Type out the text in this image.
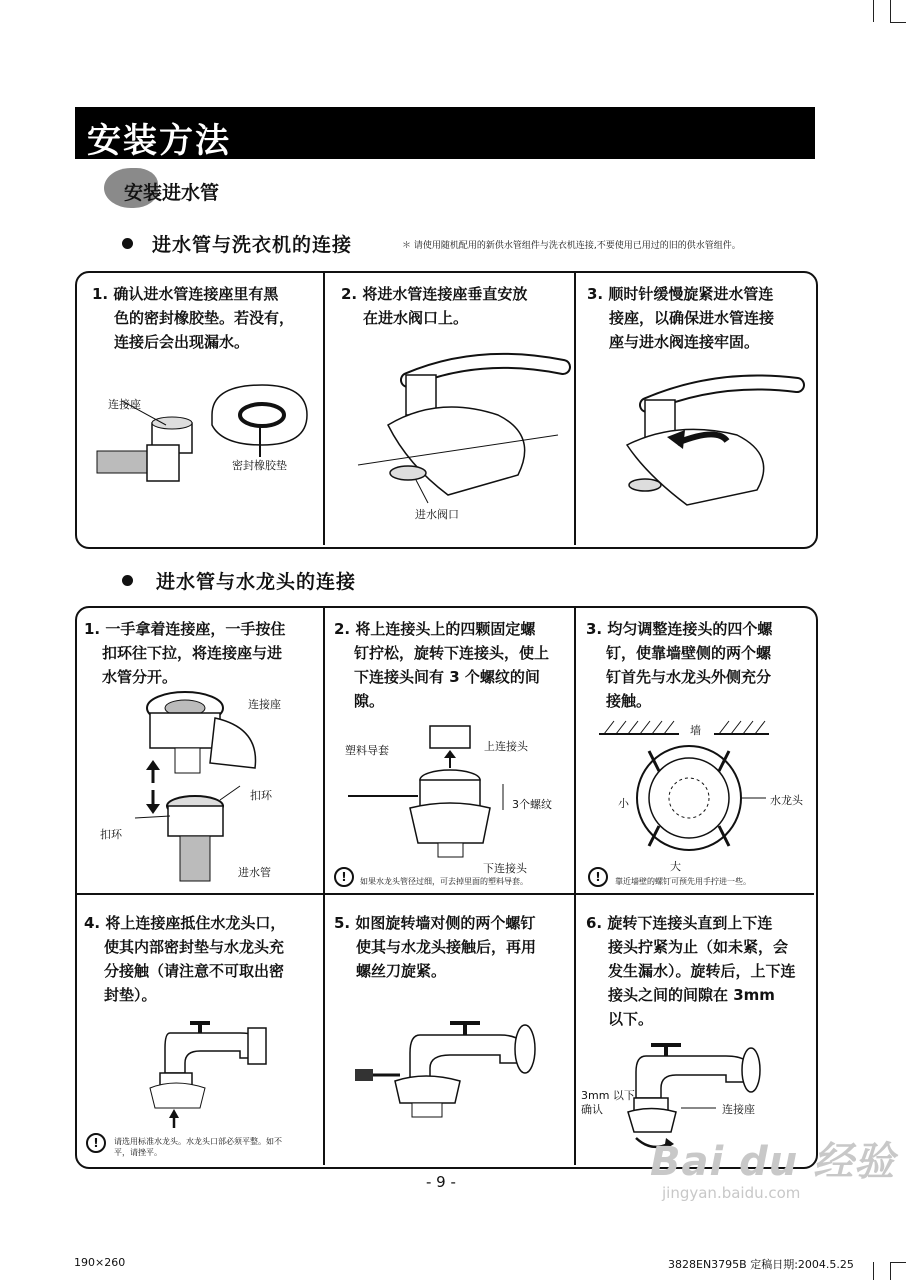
安装方法
安装进水管
进水管与洗衣机的连接	＊ 请使用随机配用的新供水管组件与洗衣机连接,不要使用已用过的旧的供水管组件。
1. 确认进水管连接座里有黑
色的密封橡胶垫。若没有，
连接后会出现漏水。
2. 将进水管连接座垂直安放
在进水阀口上。
3. 顺时针缓慢旋紧进水管连
接座，以确保进水管连接
座与进水阀连接牢固。
连接座
密封橡胶垫
进水阀口
进水管与水龙头的连接
1. 一手拿着连接座，一手按住
扣环往下拉，将连接座与进
水管分开。
2. 将上连接头上的四颗固定螺
钉拧松，旋转下连接头，使上
下连接头间有 3 个螺纹的间
隙。
3. 均匀调整连接头的四个螺
钉，使靠墙壁侧的两个螺
钉首先与水龙头外侧充分
接触。
4. 将上连接座抵住水龙头口，
使其内部密封垫与水龙头充
分接触（请注意不可取出密
封垫）。
5. 如图旋转墙对侧的两个螺钉
使其与水龙头接触后，再用
螺丝刀旋紧。
6. 旋转下连接头直到上下连
接头拧紧为止（如未紧，会
发生漏水）。旋转后，上下连
接头之间的间隙在 3mm
以下。
连接座
扣环
扣环
进水管
塑料导套	上连接头
3个螺纹
下连接头
!	如果水龙头管径过细，可去掉里面的塑料导套。
墙
水龙头
小
大
!	靠近墙壁的螺钉可预先用手拧进一些。
!	请选用标准水龙头。水龙头口部必须平整。如不
平，请挫平。
3mm 以下
确认	连接座
- 9 -
190×260	3828EN3795B 定稿日期:2004.5.25
Bai du 经验
jingyan.baidu.com
